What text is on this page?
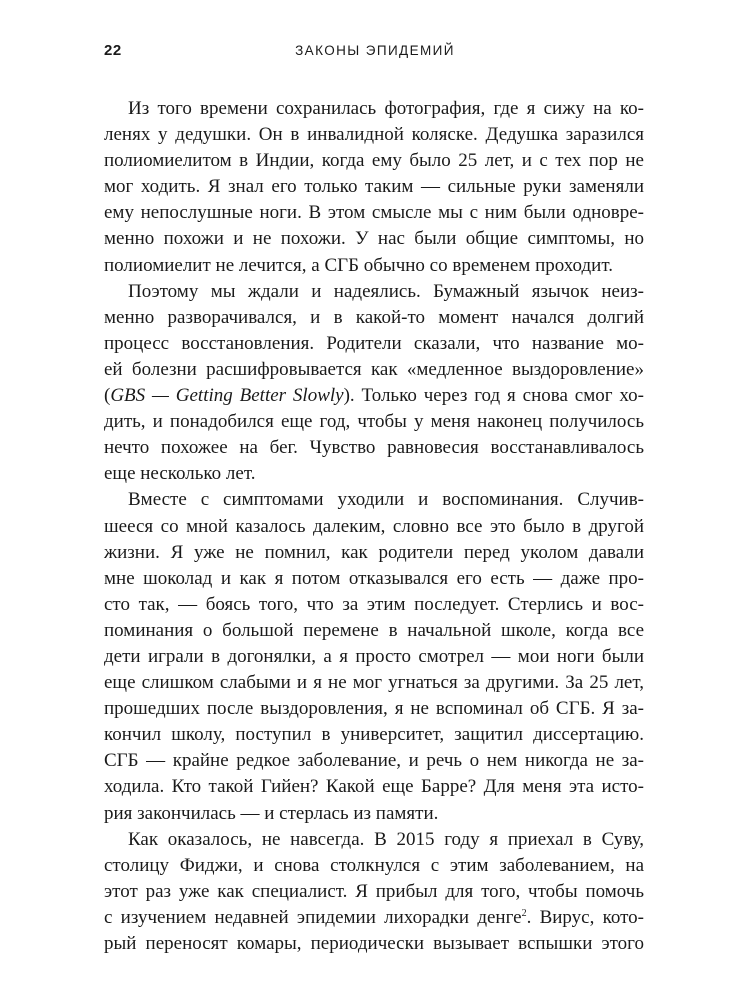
22	ЗАКОНЫ ЭПИДЕМИЙ
Из того времени сохранилась фотография, где я сижу на ко-
ленях у дедушки. Он в инвалидной коляске. Дедушка заразился
полиомиелитом в Индии, когда ему было 25 лет, и с тех пор не
мог ходить. Я знал его только таким — сильные руки заменяли
ему непослушные ноги. В этом смысле мы с ним были одновре-
менно похожи и не похожи. У нас были общие симптомы, но
полиомиелит не лечится, а СГБ обычно со временем проходит.
Поэтому мы ждали и надеялись. Бумажный язычок неиз-
менно разворачивался, и в какой-то момент начался долгий
процесс восстановления. Родители сказали, что название мо-
ей болезни расшифровывается как «медленное выздоровление»
(GBS — Getting Better Slowly). Только через год я снова смог хо-
дить, и понадобился еще год, чтобы у меня наконец получилось
нечто похожее на бег. Чувство равновесия восстанавливалось
еще несколько лет.
Вместе с симптомами уходили и воспоминания. Случив-
шееся со мной казалось далеким, словно все это было в другой
жизни. Я уже не помнил, как родители перед уколом давали
мне шоколад и как я потом отказывался его есть — даже про-
сто так, — боясь того, что за этим последует. Стерлись и вос-
поминания о большой перемене в начальной школе, когда все
дети играли в догонялки, а я просто смотрел — мои ноги были
еще слишком слабыми и я не мог угнаться за другими. За 25 лет,
прошедших после выздоровления, я не вспоминал об СГБ. Я за-
кончил школу, поступил в университет, защитил диссертацию.
СГБ — крайне редкое заболевание, и речь о нем никогда не за-
ходила. Кто такой Гийен? Какой еще Барре? Для меня эта исто-
рия закончилась — и стерлась из памяти.
Как оказалось, не навсегда. В 2015 году я приехал в Суву,
столицу Фиджи, и снова столкнулся с этим заболеванием, на
этот раз уже как специалист. Я прибыл для того, чтобы помочь
с изучением недавней эпидемии лихорадки денге$^2$. Вирус, кото-
рый переносят комары, периодически вызывает вспышки этого
